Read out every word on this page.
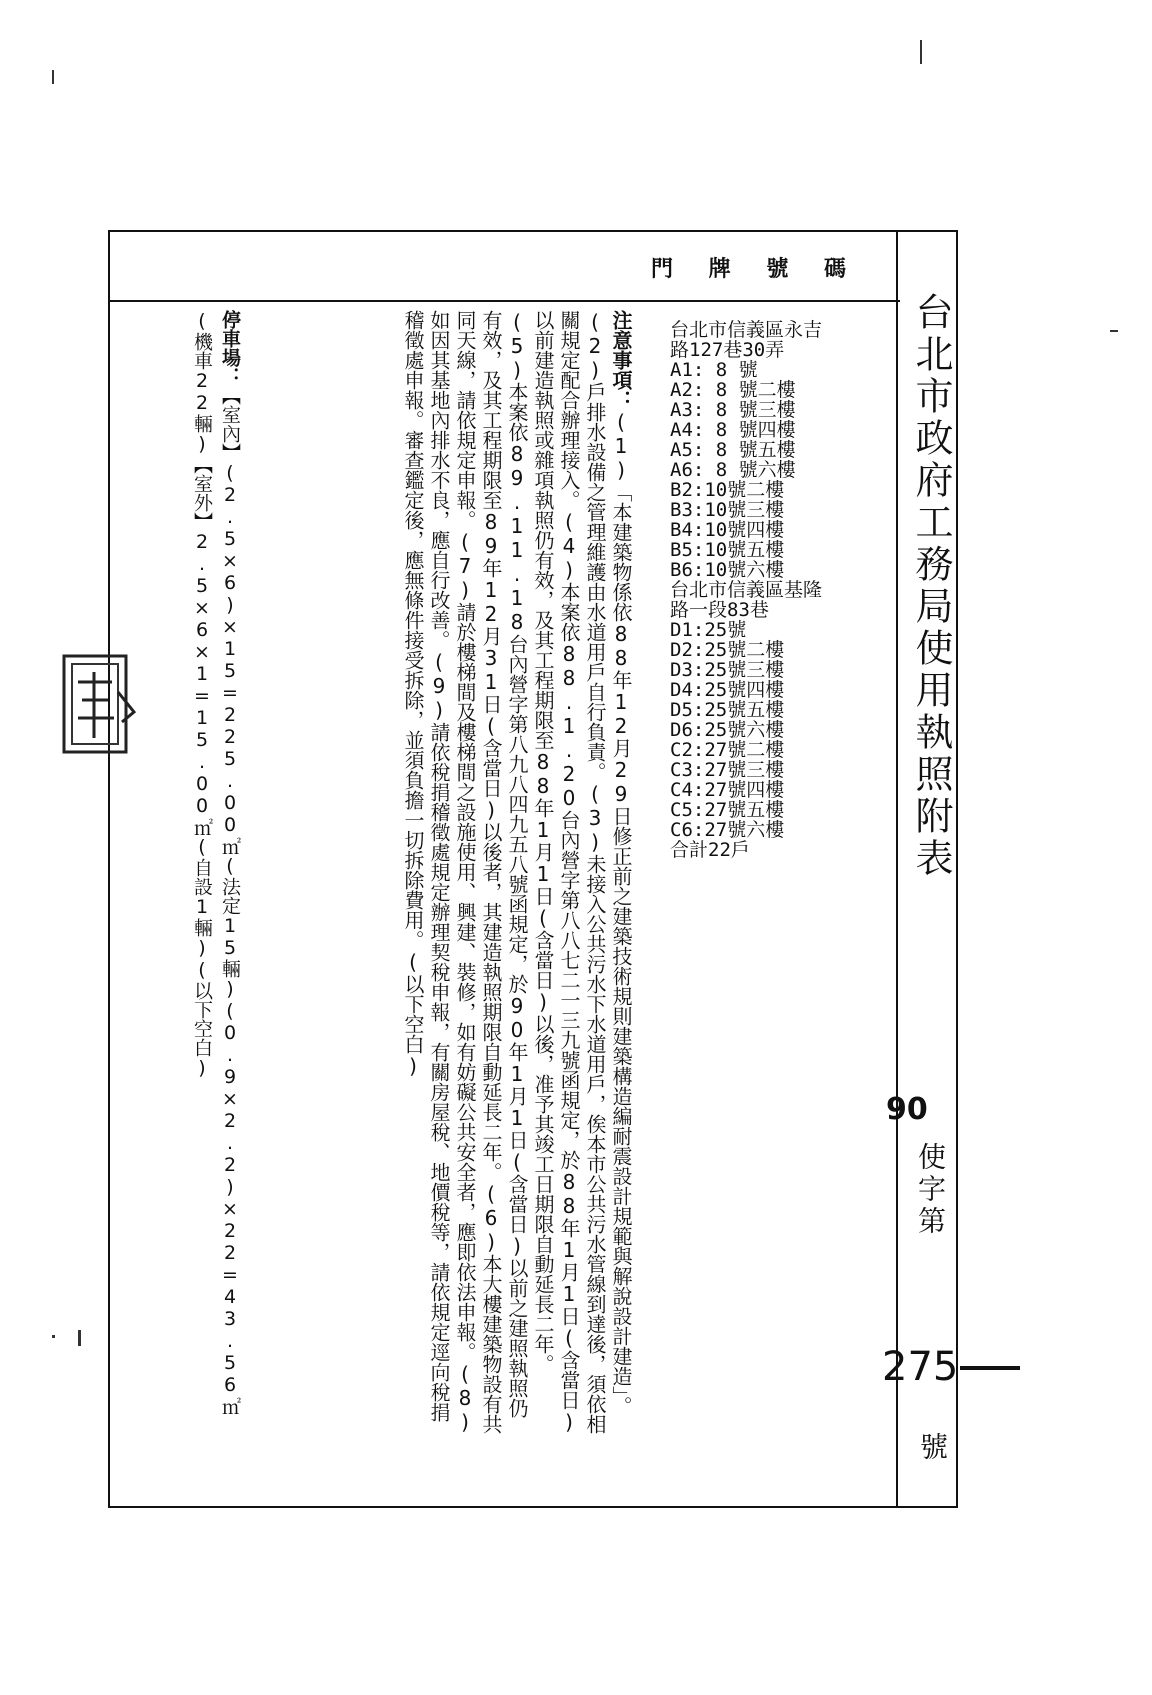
台北市政府工務局使用執照附表
90
使字第
275
號
門 牌 號 碼
台北市信義區永吉
路127巷30弄
A1: 8 號
A2: 8 號二樓
A3: 8 號三樓
A4: 8 號四樓
A5: 8 號五樓
A6: 8 號六樓
B2:10號二樓
B3:10號三樓
B4:10號四樓
B5:10號五樓
B6:10號六樓
台北市信義區基隆
路一段83巷
D1:25號
D2:25號二樓
D3:25號三樓
D4:25號四樓
D5:25號五樓
D6:25號六樓
C2:27號二樓
C3:27號三樓
C4:27號四樓
C5:27號五樓
C6:27號六樓
合計22戶
注意事項：(1)「本建築物係依88年12月29日修正前之建築技術規則建築構造編耐震設計規範與解說設計建造」。(2)戶排水設備之管理維護由水道用戶自行負責。(3)未接入公共污水下水道用戶，俟本市公共污水管線到達後，須依相關規定配合辦理接入。(4)本案依88.1.20台內營字第八八七二一三九號函規定，於88年1月1日(含當日)以前建造執照或雜項執照仍有效，及其工程期限至88年1月1日(含當日)以後，准予其竣工日期限自動延長二年。(5)本案依89.11.18台內營字第八九八四九五八號函規定，於90年1月1日(含當日)以前之建照執照仍有效，及其工程期限至89年12月31日(含當日)以後者，其建造執照期限自動延長二年。(6)本大樓建築物設有共同天線，請依規定申報。(7)請於樓梯間及樓梯間之設施使用、興建、裝修，如有妨礙公共安全者，應即依法申報。(8)如因其基地內排水不良，應自行改善。(9)請依稅捐稽徵處規定辦理契稅申報，有關房屋稅、地價稅等，請依規定逕向稅捐稽徵處申報。審查鑑定後，應無條件接受拆除，並須負擔一切拆除費用。(以下空白)
停車場：【室內】(2.5×6)×15=225.00㎡(法定15輛)(0.9×2.2)×22=43.56㎡(機車22輛)【室外】2.5×6×1=15.00㎡(自設1輛)(以下空白)
